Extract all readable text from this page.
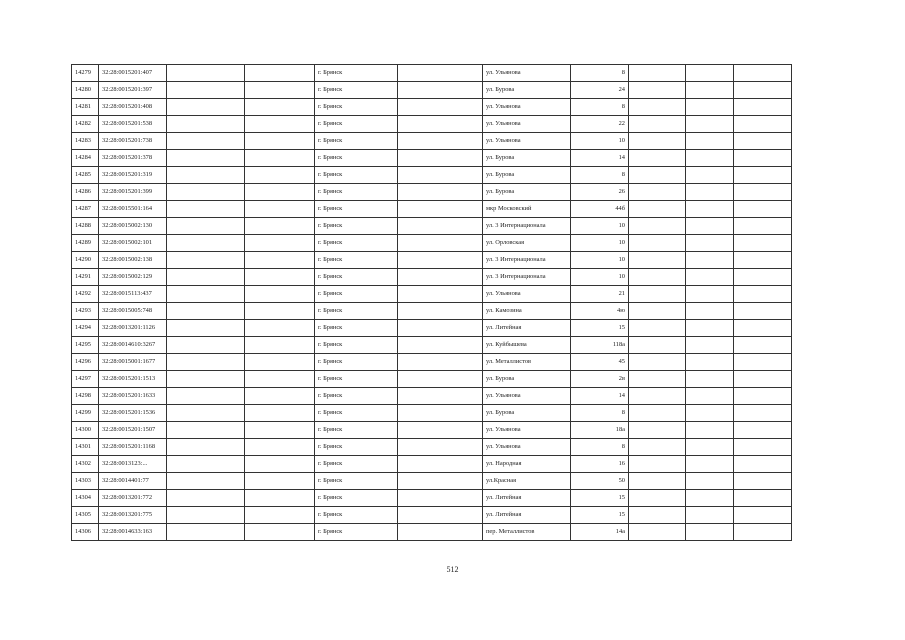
14279	32:28:0015201:407			г. Брянск		ул. Ульянова	8			
14280	32:28:0015201:397			г. Брянск		ул. Бурова	24			
14281	32:28:0015201:408			г. Брянск		ул. Ульянова	8			
14282	32:28:0015201:538			г. Брянск		ул. Ульянова	22			
14283	32:28:0015201:738			г. Брянск		ул. Ульянова	10			
14284	32:28:0015201:378			г. Брянск		ул. Бурова	14			
14285	32:28:0015201:319			г. Брянск		ул. Бурова	8			
14286	32:28:0015201:399			г. Брянск		ул. Бурова	26			
14287	32:28:0015501:164			г. Брянск		мкр Московский	44б			
14288	32:28:0015002:130			г. Брянск		ул. 3 Интернационала	10			
14289	32:28:0015002:101			г. Брянск		ул. Орловская	10			
14290	32:28:0015002:138			г. Брянск		ул. 3 Интернационала	10			
14291	32:28:0015002:129			г. Брянск		ул. 3 Интернационала	10			
14292	32:28:0015113:437			г. Брянск		ул. Ульянова	21			
14293	32:28:0015005:748			г. Брянск		ул. Камозина	4ю			
14294	32:28:0013201:1126			г. Брянск		ул. Литейная	15			
14295	32:28:0014610:3267			г. Брянск		ул. Куйбышева	118а			
14296	32:28:0015001:1677			г. Брянск		ул. Металлистов	45			
14297	32:28:0015201:1513			г. Брянск		ул. Бурова	2в			
14298	32:28:0015201:1633			г. Брянск		ул. Ульянова	14			
14299	32:28:0015201:1536			г. Брянск		ул. Бурова	8			
14300	32:28:0015201:1507			г. Брянск		ул. Ульянова	18а			
14301	32:28:0015201:1168			г. Брянск		ул. Ульянова	8			
14302	32:28:0013123:...			г. Брянск		ул. Народная	16			
14303	32:28:0014401:77			г. Брянск		ул.Красная	50			
14304	32:28:0013201:772			г. Брянск		ул. Литейная	15			
14305	32:28:0013201:775			г. Брянск		ул. Литейная	15			
14306	32:28:0014633:163			г. Брянск		пер. Металлистов	14а			
512
